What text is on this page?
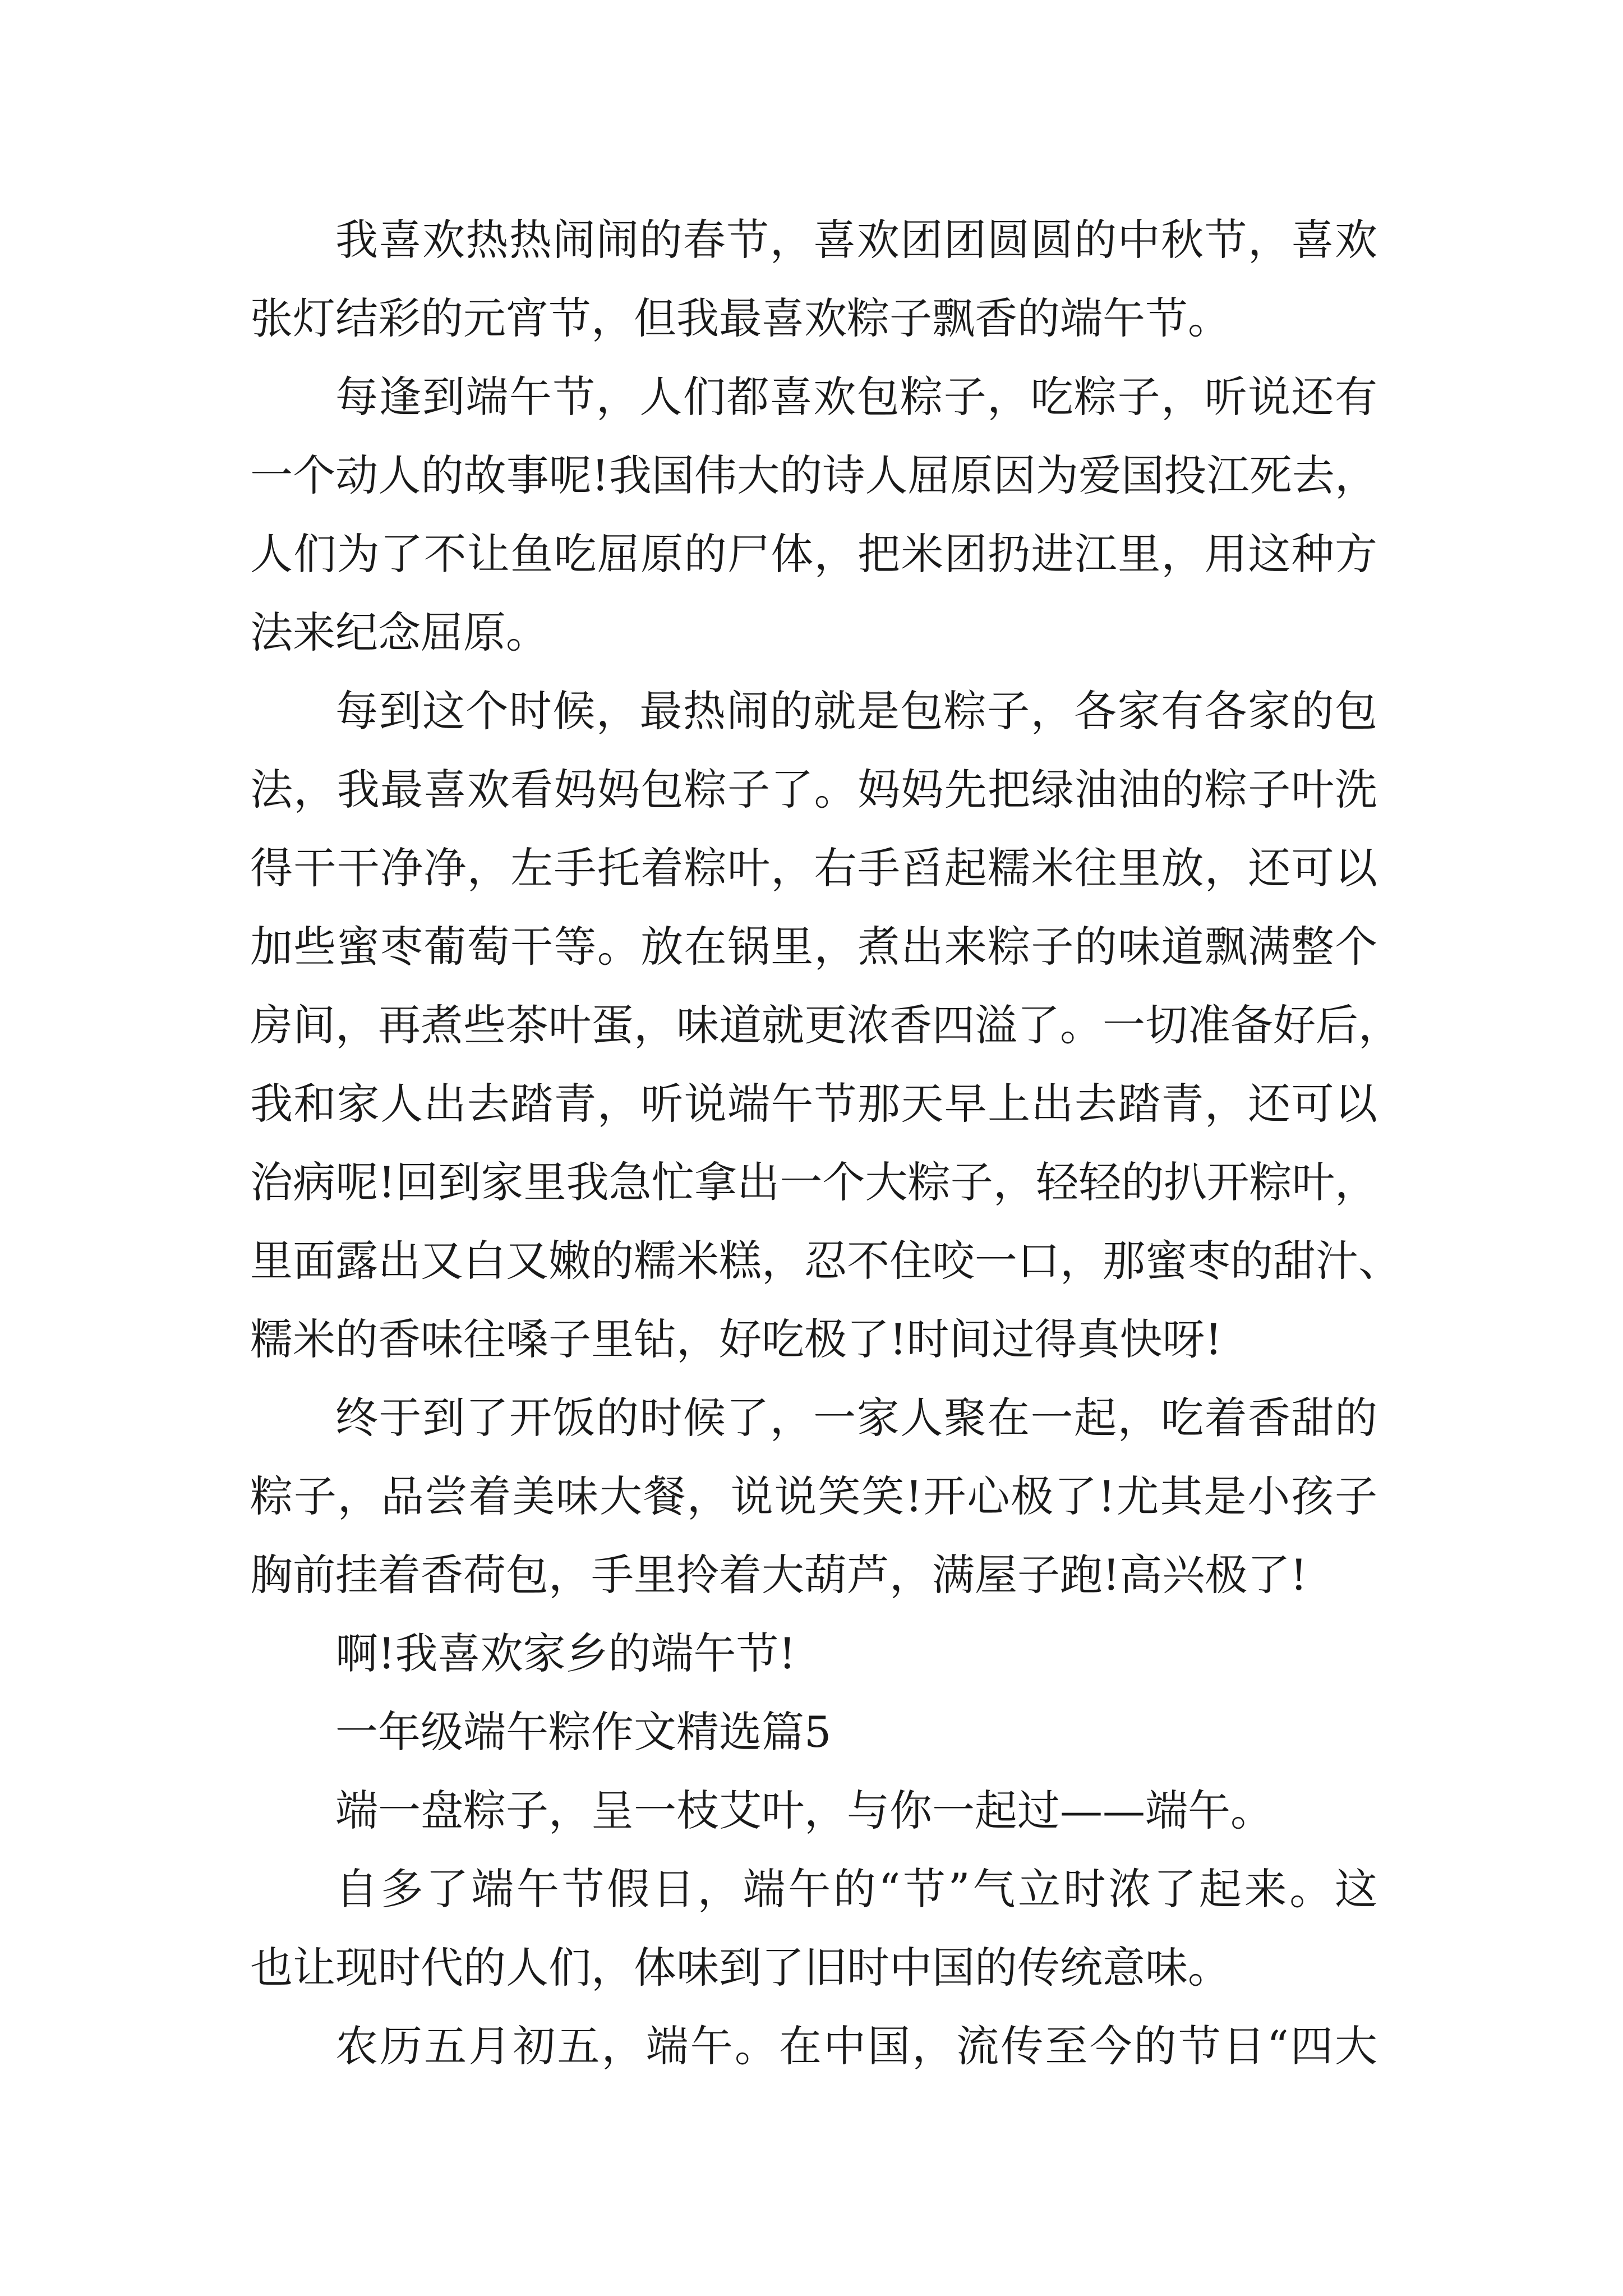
我喜欢热热闹闹的春节，喜欢团团圆圆的中秋节，喜欢
张灯结彩的元宵节，但我最喜欢粽子飘香的端午节。
每逢到端午节，人们都喜欢包粽子，吃粽子，听说还有
一个动人的故事呢!我国伟大的诗人屈原因为爱国投江死去，
人们为了不让鱼吃屈原的尸体，把米团扔进江里，用这种方
法来纪念屈原。
每到这个时候，最热闹的就是包粽子，各家有各家的包
法，我最喜欢看妈妈包粽子了。妈妈先把绿油油的粽子叶洗
得干干净净，左手托着粽叶，右手舀起糯米往里放，还可以
加些蜜枣葡萄干等。放在锅里，煮出来粽子的味道飘满整个
房间，再煮些茶叶蛋，味道就更浓香四溢了。一切准备好后，
我和家人出去踏青，听说端午节那天早上出去踏青，还可以
治病呢!回到家里我急忙拿出一个大粽子，轻轻的扒开粽叶，
里面露出又白又嫩的糯米糕，忍不住咬一口，那蜜枣的甜汁、
糯米的香味往嗓子里钻，好吃极了!时间过得真快呀!
终于到了开饭的时候了，一家人聚在一起，吃着香甜的
粽子，品尝着美味大餐，说说笑笑!开心极了!尤其是小孩子
胸前挂着香荷包，手里拎着大葫芦，满屋子跑!高兴极了!
啊!我喜欢家乡的端午节!
一年级端午粽作文精选篇5
端一盘粽子，呈一枝艾叶，与你一起过——端午。
自多了端午节假日，端午的“节”气立时浓了起来。这
也让现时代的人们，体味到了旧时中国的传统意味。
农历五月初五，端午。在中国，流传至今的节日“四大
